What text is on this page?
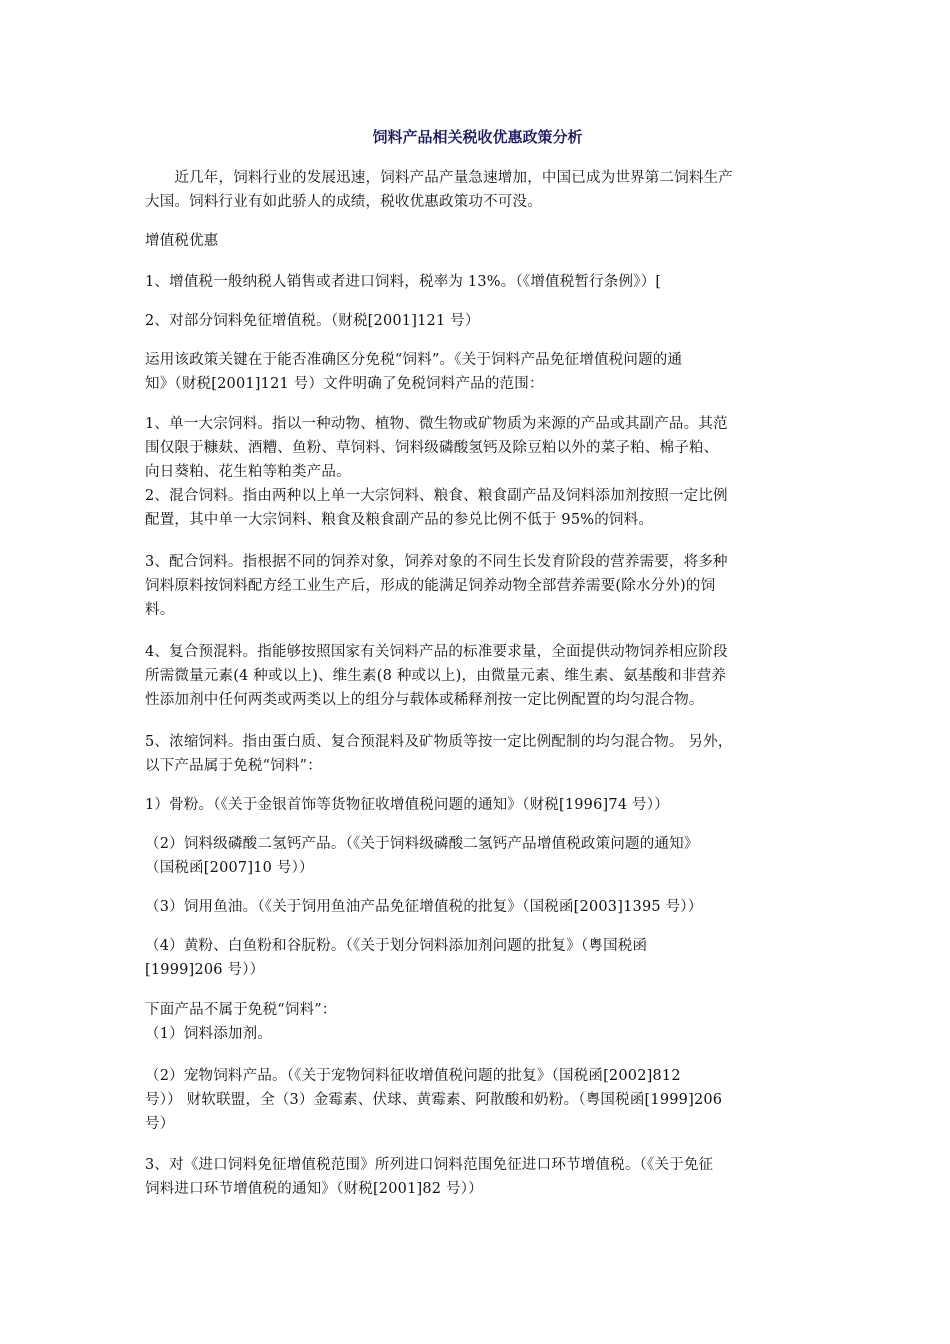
饲料产品相关税收优惠政策分析
　　近几年，饲料行业的发展迅速，饲料产品产量急速增加，中国已成为世界第二饲料生产
大国。饲料行业有如此骄人的成绩，税收优惠政策功不可没。
增值税优惠
1、增值税一般纳税人销售或者进口饲料，税率为 13%。（《增值税暂行条例》）[
2、对部分饲料免征增值税。（财税[2001]121 号）
运用该政策关键在于能否准确区分免税“饲料”。《关于饲料产品免征增值税问题的通
知》（财税[2001]121 号）文件明确了免税饲料产品的范围：
1、单一大宗饲料。指以一种动物、植物、微生物或矿物质为来源的产品或其副产品。其范
围仅限于糠麸、酒糟、鱼粉、草饲料、饲料级磷酸氢钙及除豆粕以外的菜子粕、棉子粕、
向日葵粕、花生粕等粕类产品。
2、混合饲料。指由两种以上单一大宗饲料、粮食、粮食副产品及饲料添加剂按照一定比例
配置，其中单一大宗饲料、粮食及粮食副产品的参兑比例不低于 95%的饲料。
3、配合饲料。指根据不同的饲养对象，饲养对象的不同生长发育阶段的营养需要，将多种
饲料原料按饲料配方经工业生产后，形成的能满足饲养动物全部营养需要(除水分外)的饲
料。
4、复合预混料。指能够按照国家有关饲料产品的标准要求量，全面提供动物饲养相应阶段
所需微量元素(4 种或以上)、维生素(8 种或以上)，由微量元素、维生素、氨基酸和非营养
性添加剂中任何两类或两类以上的组分与载体或稀释剂按一定比例配置的均匀混合物。
5、浓缩饲料。指由蛋白质、复合预混料及矿物质等按一定比例配制的均匀混合物。 另外，
以下产品属于免税“饲料”：
1）骨粉。（《关于金银首饰等货物征收增值税问题的通知》（财税[1996]74 号））
（2）饲料级磷酸二氢钙产品。（《关于饲料级磷酸二氢钙产品增值税政策问题的通知》
（国税函[2007]10 号））
（3）饲用鱼油。（《关于饲用鱼油产品免征增值税的批复》（国税函[2003]1395 号））
（4）黄粉、白鱼粉和谷朊粉。（《关于划分饲料添加剂问题的批复》（粤国税函
[1999]206 号））
下面产品不属于免税“饲料”：
（1）饲料添加剂。
（2）宠物饲料产品。（《关于宠物饲料征收增值税问题的批复》（国税函[2002]812
号）） 财软联盟，全（3）金霉素、伏球、黄霉素、阿散酸和奶粉。（粤国税函[1999]206
号）
3、对《进口饲料免征增值税范围》所列进口饲料范围免征进口环节增值税。（《关于免征
饲料进口环节增值税的通知》（财税[2001]82 号））
